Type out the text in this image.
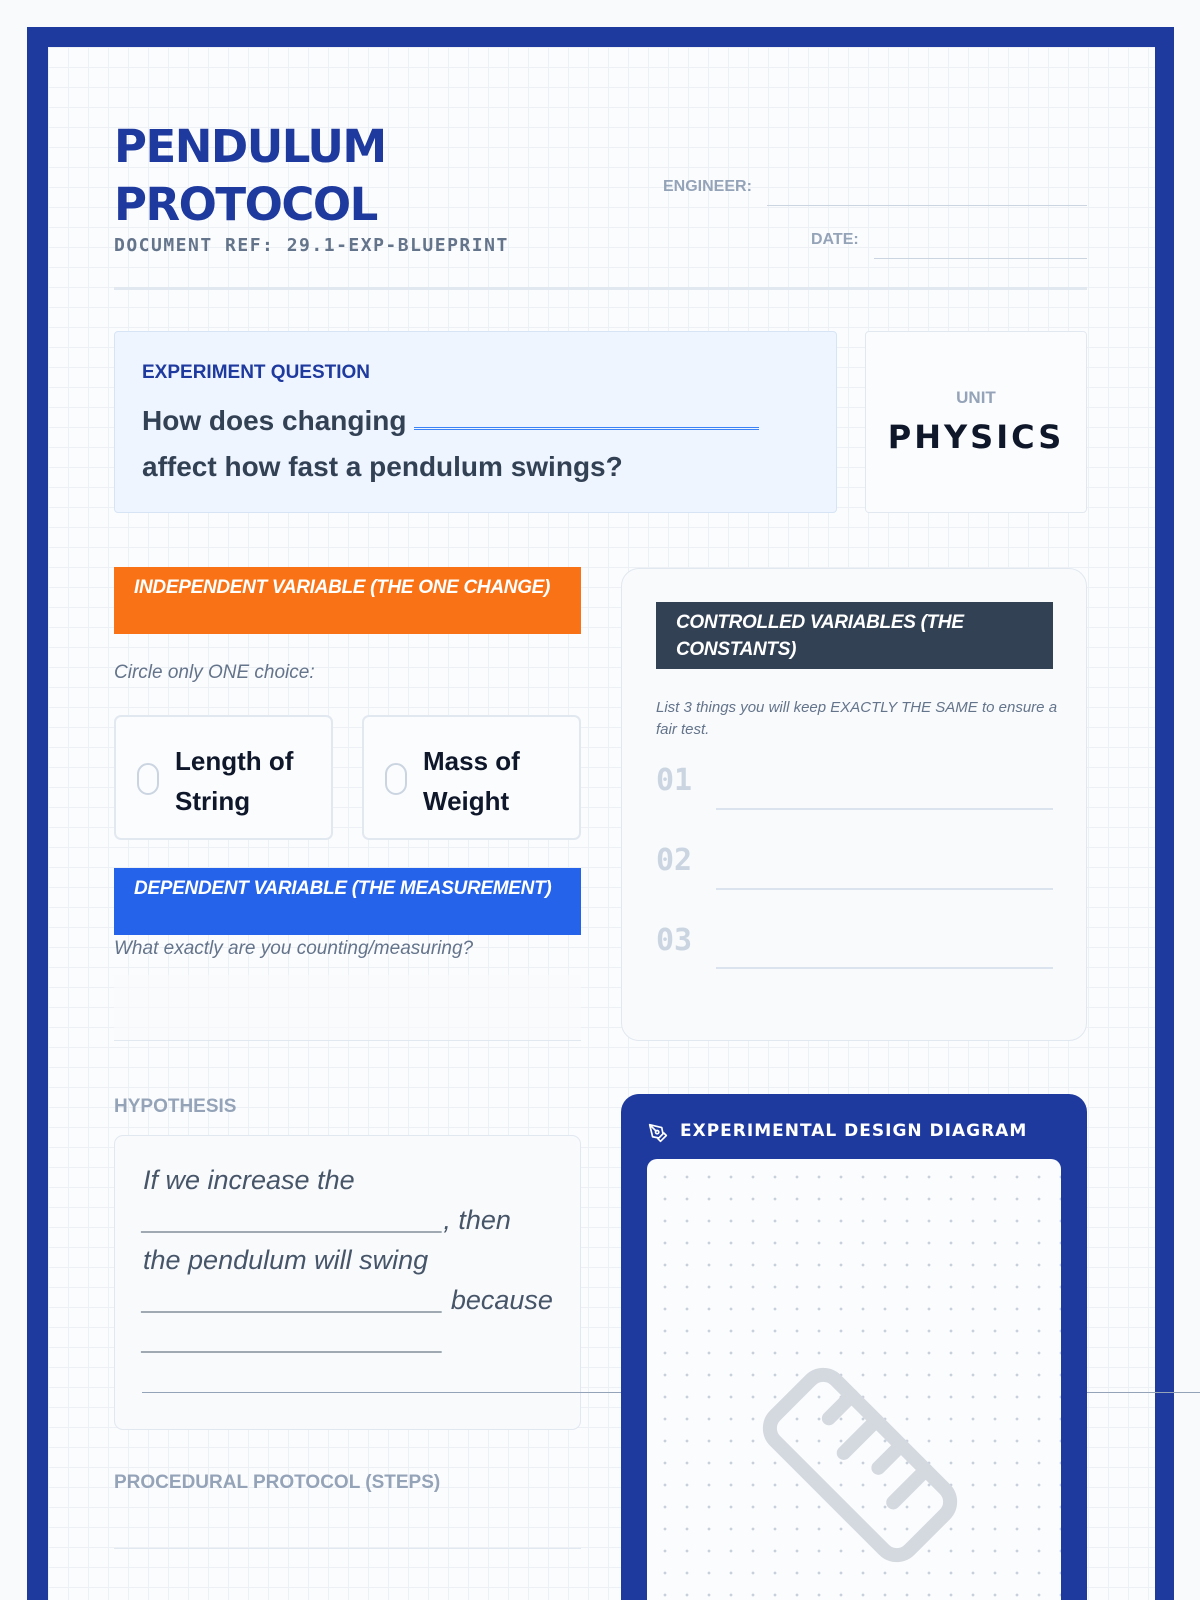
PENDULUM
PROTOCOL
DOCUMENT REF: 29.1-EXP-BLUEPRINT
ENGINEER:
DATE:
EXPERIMENT QUESTION
How does changing
affect how fast a pendulum swings?
UNIT
PHYSICS
INDEPENDENT VARIABLE (THE ONE CHANGE)
Circle only ONE choice:
Length of
String
Mass of
Weight
DEPENDENT VARIABLE (THE MEASUREMENT)
What exactly are you counting/measuring?
CONTROLLED VARIABLES (THE CONSTANTS)
List 3 things you will keep EXACTLY THE SAME to ensure a fair test.
01
02
03
HYPOTHESIS
If we increase the
____________________, then
the pendulum will swing
____________________ because
____________________
PROCEDURAL PROTOCOL (STEPS)
EXPERIMENTAL DESIGN DIAGRAM
